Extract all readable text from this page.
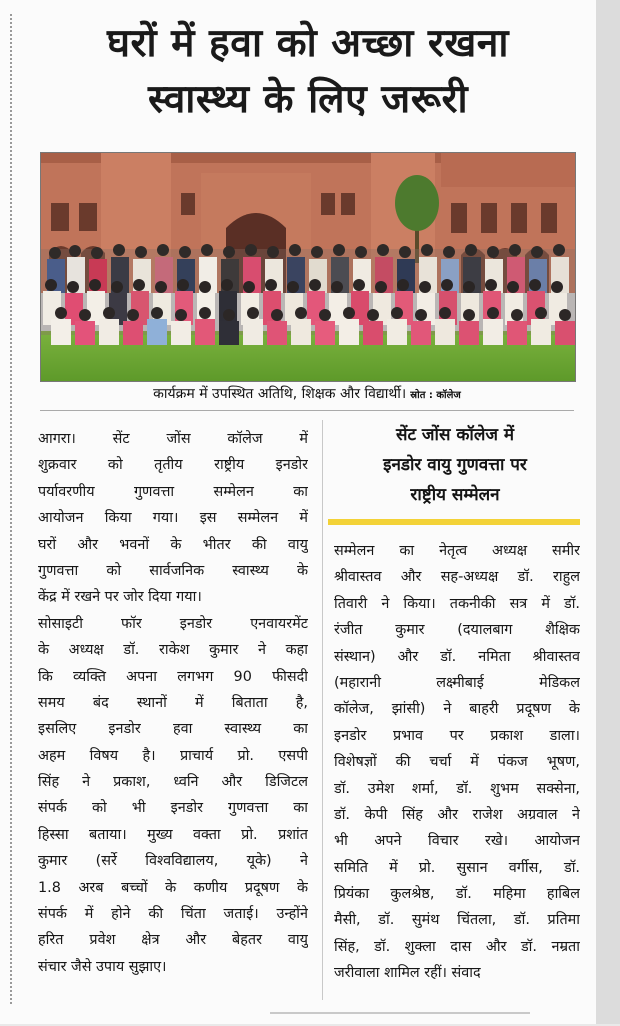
घरों में हवा को अच्छा रखना
स्वास्थ्य के लिए जरूरी
कार्यक्रम में उपस्थित अतिथि, शिक्षक और विद्यार्थी। स्रोत : कॉलेज
आगरा। सेंट जोंस कॉलेज में
शुक्रवार को तृतीय राष्ट्रीय इनडोर
पर्यावरणीय गुणवत्ता सम्मेलन का
आयोजन किया गया। इस सम्मेलन में
घरों और भवनों के भीतर की वायु
गुणवत्ता को सार्वजनिक स्वास्थ्य के
केंद्र में रखने पर जोर दिया गया।
सोसाइटी फॉर इनडोर एनवायरमेंट
के अध्यक्ष डॉ. राकेश कुमार ने कहा
कि व्यक्ति अपना लगभग 90 फीसदी
समय बंद स्थानों में बिताता है,
इसलिए इनडोर हवा स्वास्थ्य का
अहम विषय है। प्राचार्य प्रो. एसपी
सिंह ने प्रकाश, ध्वनि और डिजिटल
संपर्क को भी इनडोर गुणवत्ता का
हिस्सा बताया। मुख्य वक्ता प्रो. प्रशांत
कुमार (सर्रे विश्वविद्यालय, यूके) ने
1.8 अरब बच्चों के कणीय प्रदूषण के
संपर्क में होने की चिंता जताई। उन्होंने
हरित प्रवेश क्षेत्र और बेहतर वायु
संचार जैसे उपाय सुझाए।
सेंट जोंस कॉलेज में
इनडोर वायु गुणवत्ता पर
राष्ट्रीय सम्मेलन
सम्मेलन का नेतृत्व अध्यक्ष समीर
श्रीवास्तव और सह-अध्यक्ष डॉ. राहुल
तिवारी ने किया। तकनीकी सत्र में डॉ.
रंजीत कुमार (दयालबाग शैक्षिक
संस्थान) और डॉ. नमिता श्रीवास्तव
(महारानी लक्ष्मीबाई मेडिकल
कॉलेज, झांसी) ने बाहरी प्रदूषण के
इनडोर प्रभाव पर प्रकाश डाला।
विशेषज्ञों की चर्चा में पंकज भूषण,
डॉ. उमेश शर्मा, डॉ. शुभम सक्सेना,
डॉ. केपी सिंह और राजेश अग्रवाल ने
भी अपने विचार रखे। आयोजन
समिति में प्रो. सुसान वर्गीस, डॉ.
प्रियंका कुलश्रेष्ठ, डॉ. महिमा हाबिल
मैसी, डॉ. सुमंथ चिंतला, डॉ. प्रतिमा
सिंह, डॉ. शुक्ला दास और डॉ. नम्रता
जरीवाला शामिल रहीं। संवाद
